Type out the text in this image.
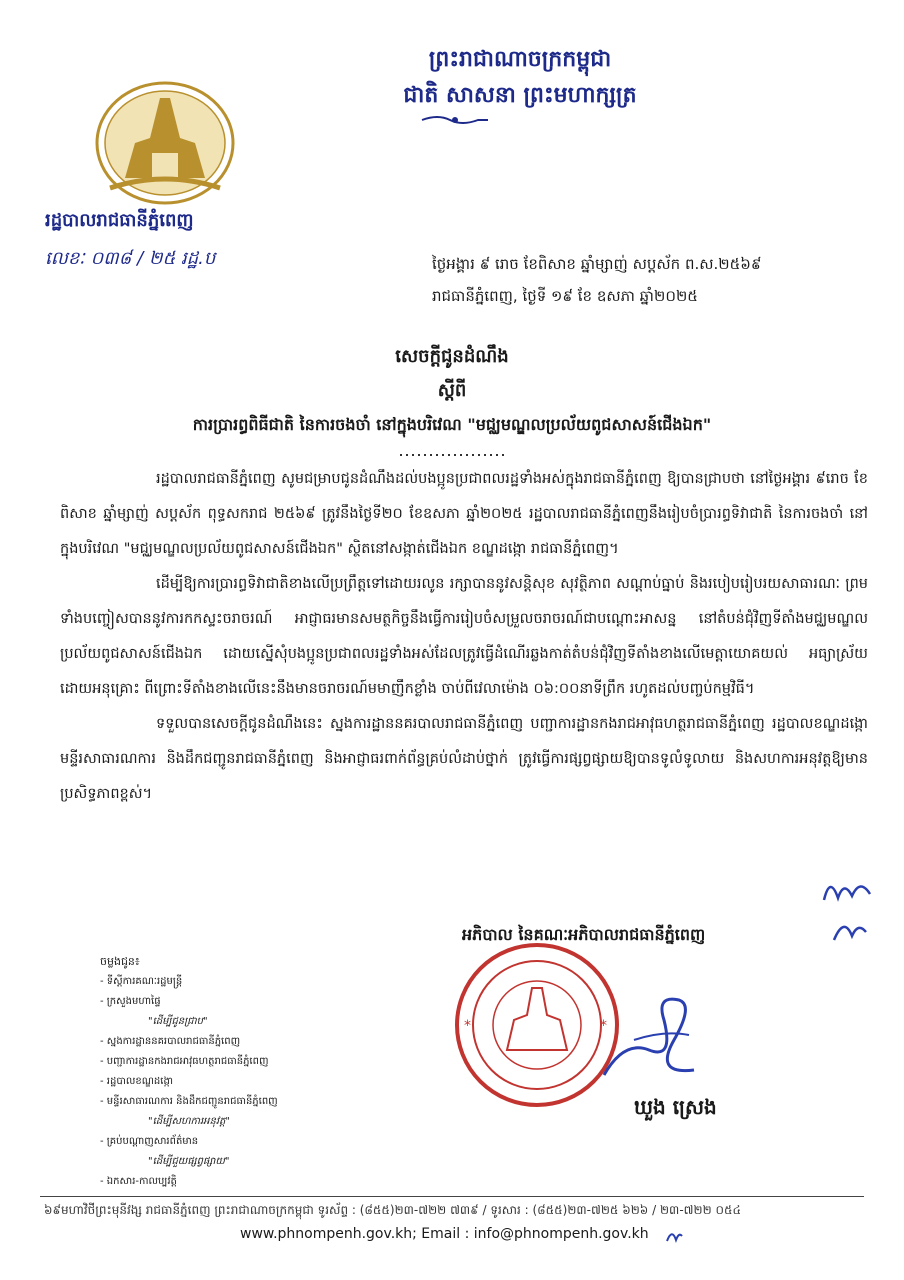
ព្រះរាជាណាចក្រកម្ពុជា
ជាតិ សាសនា ព្រះមហាក្សត្រ
រដ្ឋបាលរាជធានីភ្នំពេញ
លេខៈ ០៣៨ / ២៥ រដ្ឋ.ប	ថ្ងៃអង្គារ ៩ រោច ខែពិសាខ ឆ្នាំម្សាញ់ សប្តស័ក ព.ស.២៥៦៩
រាជធានីភ្នំពេញ, ថ្ងៃទី ១៩ ខែ ឧសភា ឆ្នាំ២០២៥
សេចក្តីជូនដំណឹង
ស្តីពី
ការប្រារព្ធពិធីជាតិ នៃការចងចាំ នៅក្នុងបរិវេណ "មជ្ឈមណ្ឌលប្រល័យពូជសាសន៍ជើងឯក"

រដ្ឋបាលរាជធានីភ្នំពេញ សូមជម្រាបជូនដំណឹងដល់បងប្អូនប្រជាពលរដ្ឋទាំងអស់ក្នុងរាជធានីភ្នំពេញ ឱ្យបានជ្រាបថា នៅថ្ងៃអង្គារ ៩រោច ខែពិសាខ ឆ្នាំម្សាញ់ សប្តស័ក ពុទ្ធសករាជ ២៥៦៩ ត្រូវនឹងថ្ងៃទី២០ ខែឧសភា ឆ្នាំ២០២៥ រដ្ឋបាលរាជធានីភ្នំពេញនឹងរៀបចំប្រារព្ធទិវាជាតិ នៃការចងចាំ នៅក្នុងបរិវេណ "មជ្ឈមណ្ឌលប្រល័យពូជសាសន៍ជើងឯក" ស្ថិតនៅសង្កាត់ជើងឯក ខណ្ឌដង្កោ រាជធានីភ្នំពេញ។

ដើម្បីឱ្យការប្រារព្ធទិវាជាតិខាងលើប្រព្រឹត្តទៅដោយរលូន រក្សាបាននូវសន្តិសុខ សុវត្ថិភាព សណ្តាប់ធ្នាប់ និងរបៀបរៀបរយសាធារណៈ ព្រមទាំងបញ្ចៀសបាននូវការកកស្ទះចរាចរណ៍ អាជ្ញាធរមានសមត្ថកិច្ចនឹងធ្វើការរៀបចំសម្រួលចរាចរណ៍ជាបណ្តោះអាសន្ន នៅតំបន់ជុំវិញទីតាំងមជ្ឈមណ្ឌលប្រល័យពូជសាសន៍ជើងឯក ដោយស្នើសុំបងប្អូនប្រជាពលរដ្ឋទាំងអស់ដែលត្រូវធ្វើដំណើរឆ្លងកាត់តំបន់ជុំវិញទីតាំងខាងលើមេត្តាយោគយល់ អធ្យាស្រ័យ ដោយអនុគ្រោះ ពីព្រោះទីតាំងខាងលើនេះនឹងមានចរាចរណ៍មមាញឹកខ្លាំង ចាប់ពីវេលាម៉ោង ០៦:០០នាទីព្រឹក រហូតដល់បញ្ចប់កម្មវិធី។

ទទួលបានសេចក្តីជូនដំណឹងនេះ ស្នងការដ្ឋាននគរបាលរាជធានីភ្នំពេញ បញ្ជាការដ្ឋានកងរាជអាវុធហត្ថរាជធានីភ្នំពេញ រដ្ឋបាលខណ្ឌដង្កោ មន្ទីរសាធារណការ និងដឹកជញ្ជូនរាជធានីភ្នំពេញ និងអាជ្ញាធរពាក់ព័ន្ធគ្រប់លំដាប់ថ្នាក់ ត្រូវធ្វើការផ្សព្វផ្សាយឱ្យបានទូលំទូលាយ និងសហការអនុវត្តឱ្យមានប្រសិទ្ធភាពខ្ពស់។

អភិបាល នៃគណៈអភិបាលរាជធានីភ្នំពេញ
*	*
ឃួង ស្រេង
ចម្លងជូន៖
- ទីស្តីការគណៈរដ្ឋមន្ត្រី
- ក្រសួងមហាផ្ទៃ
"ដើម្បីជូនជ្រាប"
- ស្នងការដ្ឋាននគរបាលរាជធានីភ្នំពេញ
- បញ្ជាការដ្ឋានកងរាជអាវុធហត្ថរាជធានីភ្នំពេញ
- រដ្ឋបាលខណ្ឌដង្កោ
- មន្ទីរសាធារណការ និងដឹកជញ្ជូនរាជធានីភ្នំពេញ
"ដើម្បីសហការអនុវត្ត"
- គ្រប់បណ្តាញសារព័ត៌មាន
"ដើម្បីជួយផ្សព្វផ្សាយ"
- ឯកសារ-កាលប្បវត្តិ
៦៩មហាវិថីព្រះមុនីវង្ស រាជធានីភ្នំពេញ ព្រះរាជាណាចក្រកម្ពុជា ទូរស័ព្ទ : (៨៥៥)២៣-៧២២ ៧៣៩ / ទូរសារ : (៨៥៥)២៣-៧២៥ ៦២៦ / ២៣-៧២២ ០៥៤
www.phnompenh.gov.kh; Email : info@phnompenh.gov.kh
